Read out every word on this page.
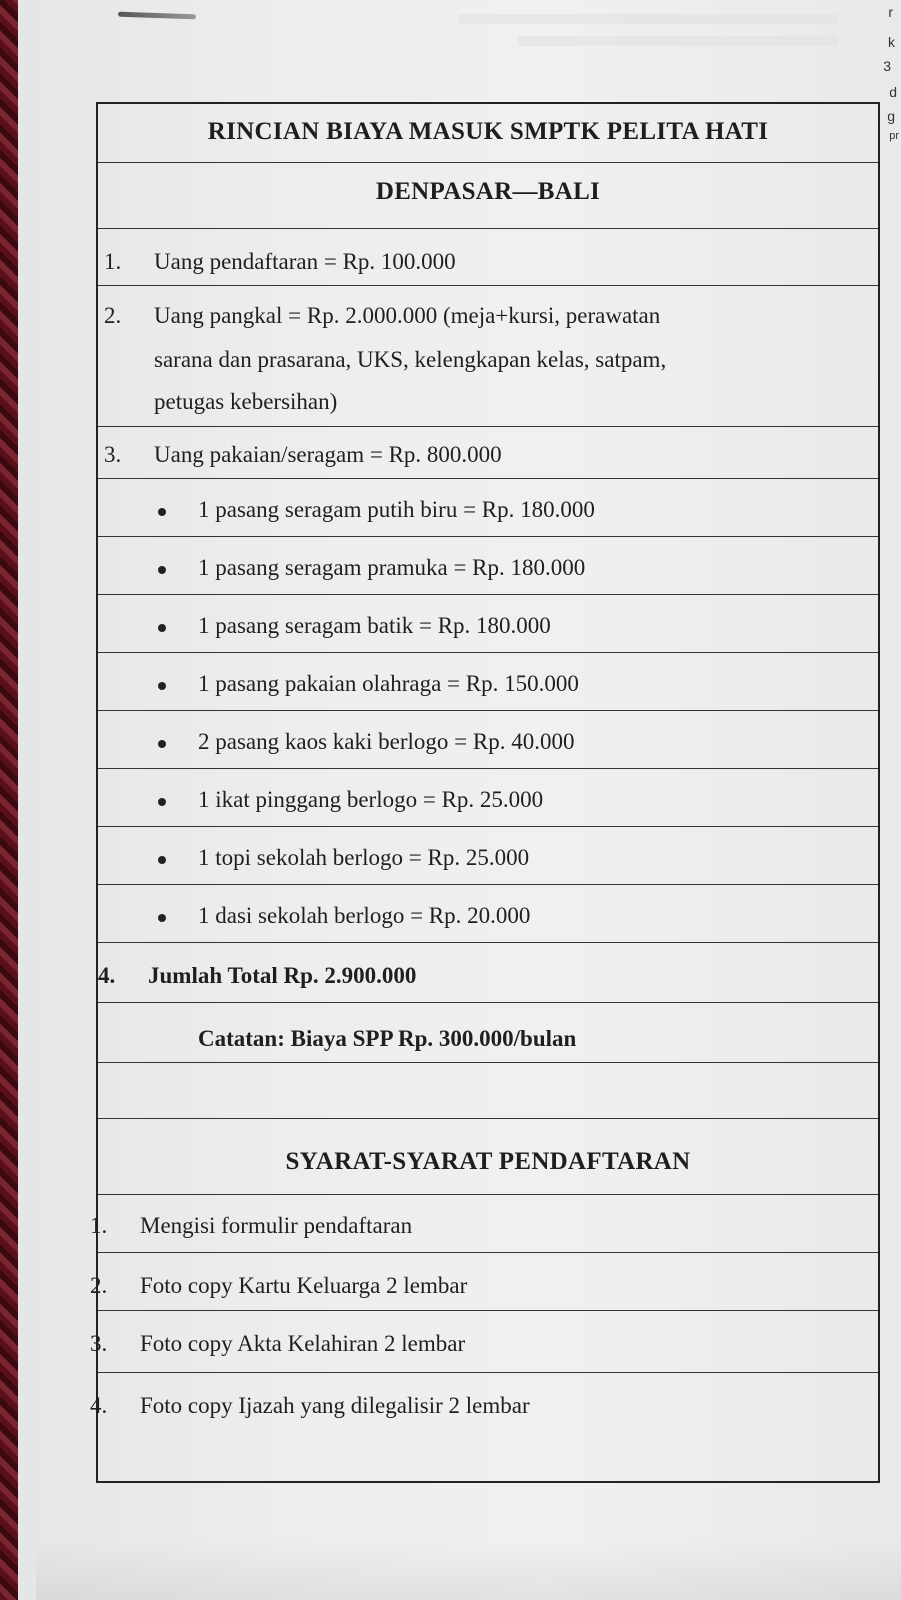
r
k
3
d
g
pr
RINCIAN BIAYA MASUK SMPTK PELITA HATI
DENPASAR—BALI
1. Uang pendaftaran = Rp. 100.000
2. Uang pangkal = Rp. 2.000.000 (meja+kursi, perawatan
sarana dan prasarana, UKS, kelengkapan kelas, satpam,
petugas kebersihan)
3. Uang pakaian/seragam = Rp. 800.000
1 pasang seragam putih biru = Rp. 180.000
1 pasang seragam pramuka = Rp. 180.000
1 pasang seragam batik = Rp. 180.000
1 pasang pakaian olahraga = Rp. 150.000
2 pasang kaos kaki berlogo = Rp. 40.000
1 ikat pinggang berlogo = Rp. 25.000
1 topi sekolah berlogo = Rp. 25.000
1 dasi sekolah berlogo = Rp. 20.000
4. Jumlah Total Rp. 2.900.000
Catatan: Biaya SPP Rp. 300.000/bulan
SYARAT-SYARAT PENDAFTARAN
1. Mengisi formulir pendaftaran
2. Foto copy Kartu Keluarga 2 lembar
3. Foto copy Akta Kelahiran 2 lembar
4. Foto copy Ijazah yang dilegalisir 2 lembar
